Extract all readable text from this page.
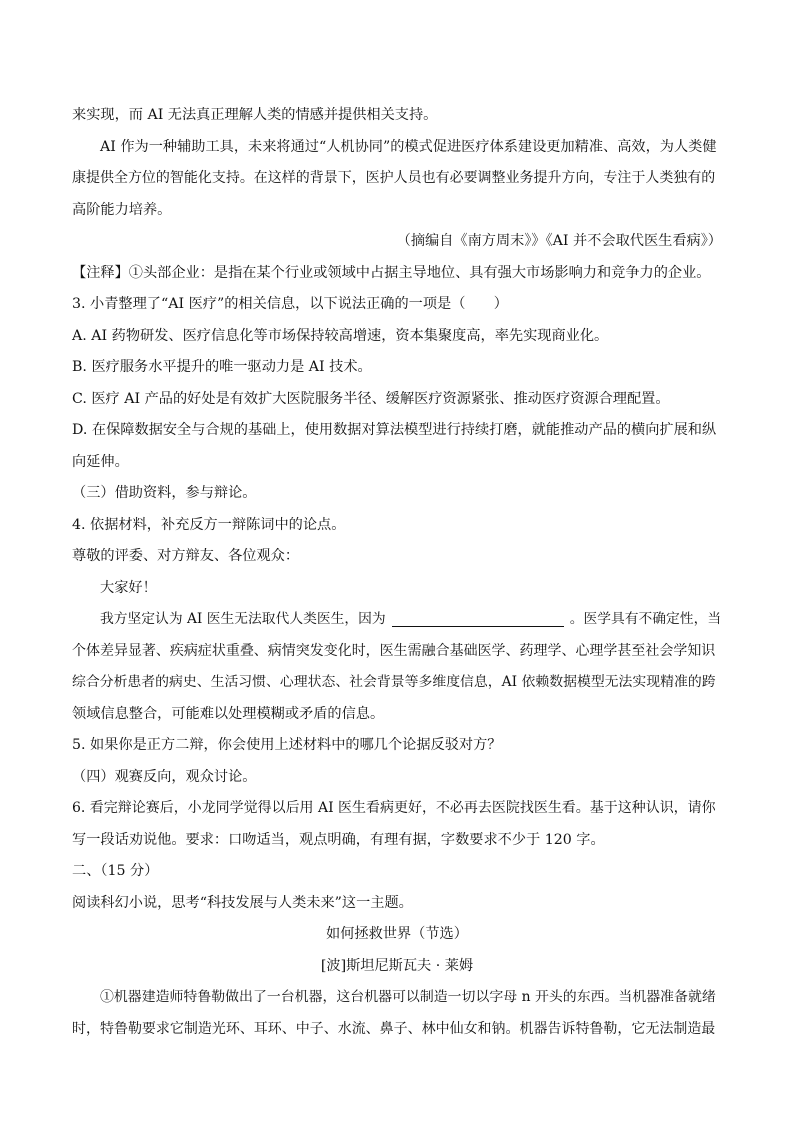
来实现，而 AI 无法真正理解人类的情感并提供相关支持。
AI 作为一种辅助工具，未来将通过“人机协同”的模式促进医疗体系建设更加精准、高效，为人类健
康提供全方位的智能化支持。在这样的背景下，医护人员也有必要调整业务提升方向，专注于人类独有的
高阶能力培养。
（摘编自《南方周末》》《AI 并不会取代医生看病》）
【注释】①头部企业：是指在某个行业或领域中占据主导地位、具有强大市场影响力和竞争力的企业。
3. 小青整理了“AI 医疗”的相关信息，以下说法正确的一项是（　　）
A. AI 药物研发、医疗信息化等市场保持较高增速，资本集聚度高，率先实现商业化。
B. 医疗服务水平提升的唯一驱动力是 AI 技术。
C. 医疗 AI 产品的好处是有效扩大医院服务半径、缓解医疗资源紧张、推动医疗资源合理配置。
D. 在保障数据安全与合规的基础上，使用数据对算法模型进行持续打磨，就能推动产品的横向扩展和纵
向延伸。
（三）借助资料，参与辩论。
4. 依据材料，补充反方一辩陈词中的论点。
尊敬的评委、对方辩友、各位观众：
大家好！
我方坚定认为 AI 医生无法取代人类医生，因为	。医学具有不确定性，当
个体差异显著、疾病症状重叠、病情突发变化时，医生需融合基础医学、药理学、心理学甚至社会学知识
综合分析患者的病史、生活习惯、心理状态、社会背景等多维度信息，AI 依赖数据模型无法实现精准的跨
领域信息整合，可能难以处理模糊或矛盾的信息。
5. 如果你是正方二辩，你会使用上述材料中的哪几个论据反驳对方？
（四）观赛反向，观众讨论。
6. 看完辩论赛后，小龙同学觉得以后用 AI 医生看病更好，不必再去医院找医生看。基于这种认识，请你
写一段话劝说他。要求：口吻适当，观点明确，有理有据，字数要求不少于 120 字。
二、（15 分）
阅读科幻小说，思考“科技发展与人类未来”这一主题。
如何拯救世界（节选）
[波]斯坦尼斯瓦夫 · 莱姆
①机器建造师特鲁勒做出了一台机器，这台机器可以制造一切以字母 n 开头的东西。当机器准备就绪
时，特鲁勒要求它制造光环、耳环、中子、水流、鼻子、林中仙女和钠。机器告诉特鲁勒，它无法制造最
